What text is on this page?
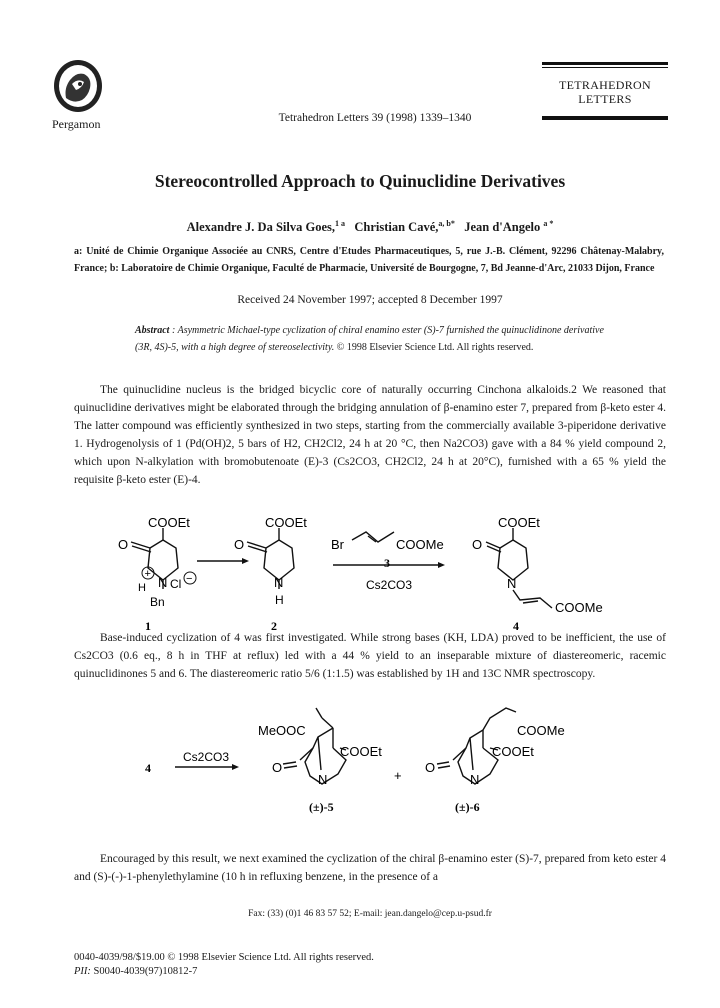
Pergamon	Tetrahedron Letters 39 (1998) 1339–1340
TETRAHEDRON
LETTERS
Stereocontrolled Approach to Quinuclidine Derivatives
Alexandre J. Da Silva Goes,$^{1 a}$ Christian Cavé,$^{a, b*}$ Jean d'Angelo $^{a *}$
a: Unité de Chimie Organique Associée au CNRS, Centre d'Etudes Pharmaceutiques, 5, rue J.-B. Clément, 92296 Châtenay-Malabry, France; b: Laboratoire de Chimie Organique, Faculté de Pharmacie, Université de Bourgogne, 7, Bd Jeanne-d'Arc, 21033 Dijon, France
Received 24 November 1997; accepted 8 December 1997
Abstract : Asymmetric Michael-type cyclization of chiral enamino ester (S)-7 furnished the quinuclidinone derivative (3R, 4S)-5, with a high degree of stereoselectivity. © 1998 Elsevier Science Ltd. All rights reserved.
The quinuclidine nucleus is the bridged bicyclic core of naturally occurring Cinchona alkaloids.2 We reasoned that quinuclidine derivatives might be elaborated through the bridging annulation of β-enamino ester 7, prepared from β-keto ester 4. The latter compound was efficiently synthesized in two steps, starting from the commercially available 3-piperidone derivative 1. Hydrogenolysis of 1 (Pd(OH)2, 5 bars of H2, CH2Cl2, 24 h at 20 °C, then Na2CO3) gave with a 84 % yield compound 2, which upon N-alkylation with bromobutenoate (E)-3 (Cs2CO3, CH2Cl2, 24 h at 20°C), furnished with a 65 % yield the requisite β-keto ester (E)-4.
COOEt
O
+
H N Cl −
Bn
1
COOEt
O
N
H
2
Br	COOMe
3
Cs2CO3
COOEt
O
N
COOMe
4
Base-induced cyclization of 4 was first investigated. While strong bases (KH, LDA) proved to be inefficient, the use of Cs2CO3 (0.6 eq., 8 h in THF at reflux) led with a 44 % yield to an inseparable mixture of diastereomeric, racemic quinuclidinones 5 and 6. The diastereomeric ratio 5/6 (1:1.5) was established by 1H and 13C NMR spectroscopy.
4
Cs2CO3
MeOOC
COOEt
O
N
(±)-5
+
COOMe
COOEt
O
N
(±)-6
Encouraged by this result, we next examined the cyclization of the chiral β-enamino ester (S)-7, prepared from keto ester 4 and (S)-(-)-1-phenylethylamine (10 h in refluxing benzene, in the presence of a
Fax: (33) (0)1 46 83 57 52; E-mail: jean.dangelo@cep.u-psud.fr
0040-4039/98/$19.00 © 1998 Elsevier Science Ltd. All rights reserved.
PII: S0040-4039(97)10812-7
